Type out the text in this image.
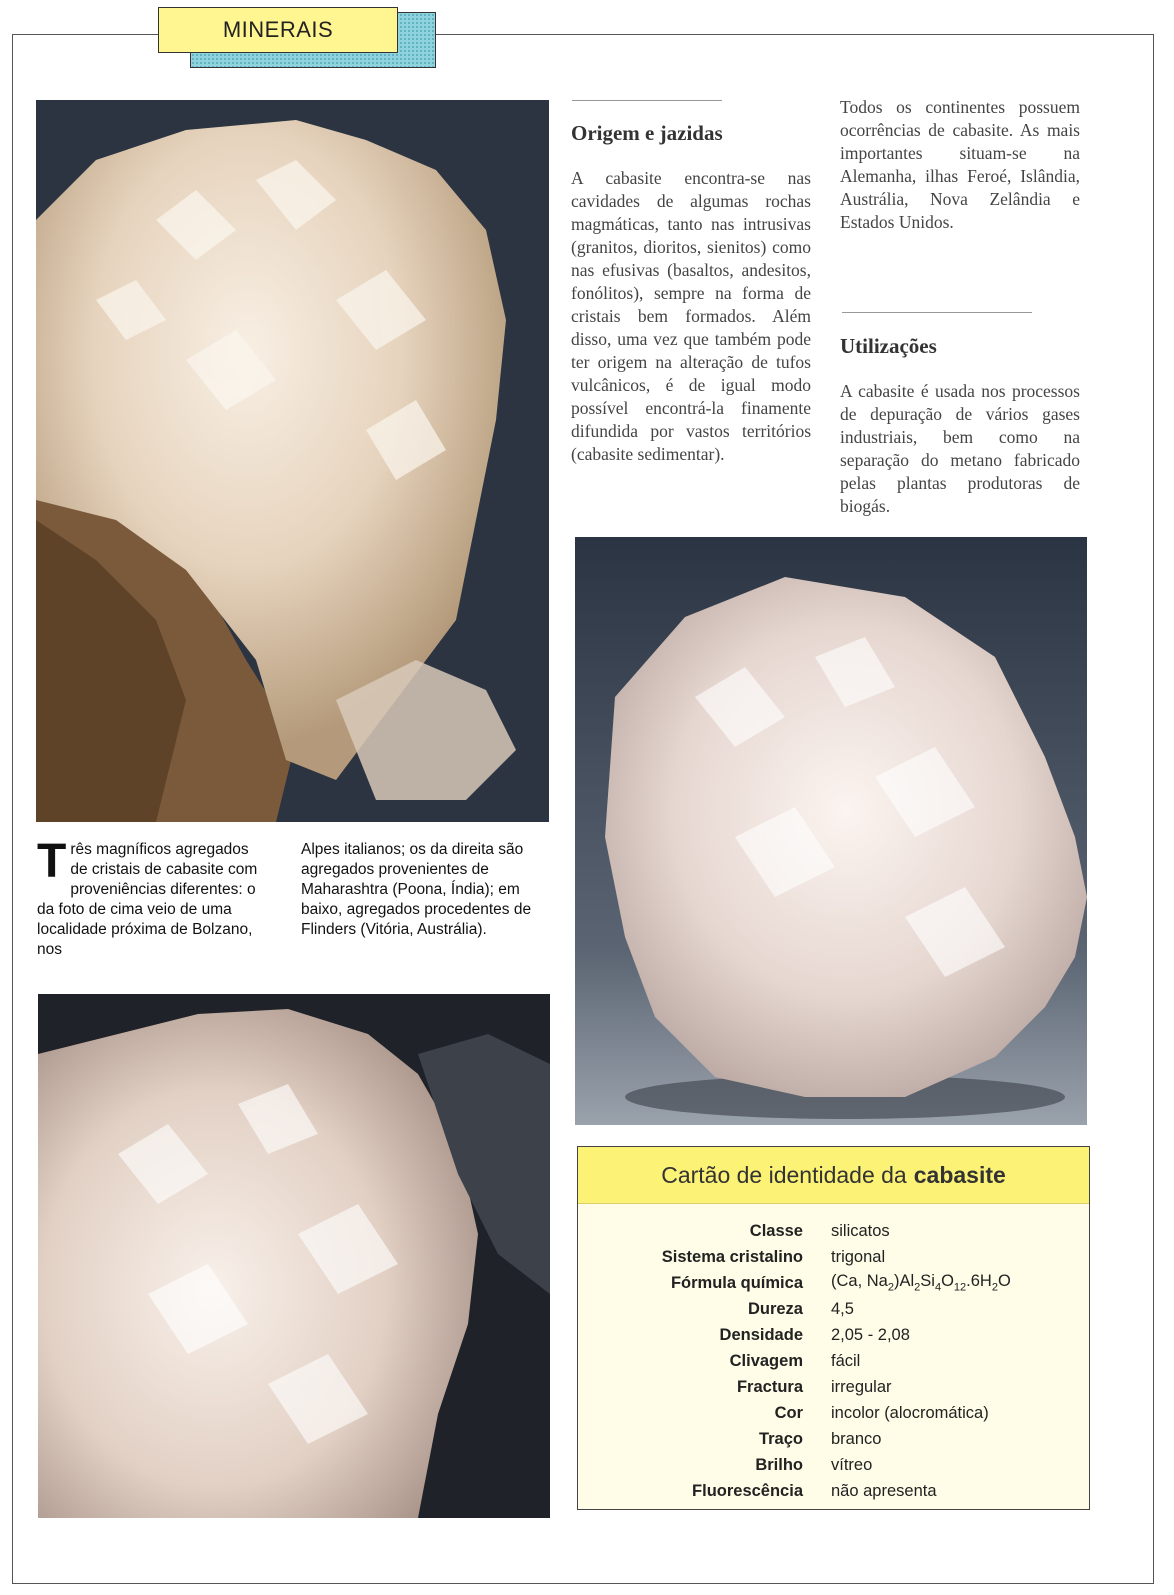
MINERAIS
Origem e jazidas

A cabasite encontra-se nas cavidades de algumas rochas magmáticas, tanto nas intrusivas (granitos, dioritos, sienitos) como nas efusivas (basaltos, andesitos, fonólitos), sempre na forma de cristais bem formados. Além disso, uma vez que também pode ter origem na alteração de tufos vulcânicos, é de igual modo possível encontrá-la finamente difundida por vastos territórios (cabasite sedimentar).

Todos os continentes possuem ocorrências de cabasite. As mais importantes situam-se na Alemanha, ilhas Feroé, Islândia, Austrália, Nova Zelândia e Estados Unidos.

Utilizações

A cabasite é usada nos processos de depuração de vários gases industriais, bem como na separação do metano fabricado pelas plantas produtoras de biogás.

Três magníficos agregados de cristais de cabasite com proveniências diferentes: o da foto de cima veio de uma localidade próxima de Bolzano, nos

Alpes italianos; os da direita são agregados provenientes de Maharashtra (Poona, Índia); em baixo, agregados procedentes de Flinders (Vitória, Austrália).

Cartão de identidade da cabasite
Classe silicatos
Sistema cristalino trigonal
Fórmula química (Ca, $Na_2)Al_2Si_4O_{12}.6H_2O$
Dureza 4,5
Densidade 2,05 - 2,08
Clivagem fácil
Fractura irregular
Cor incolor (alocromática)
Traço branco
Brilho vítreo
Fluorescência não apresenta
